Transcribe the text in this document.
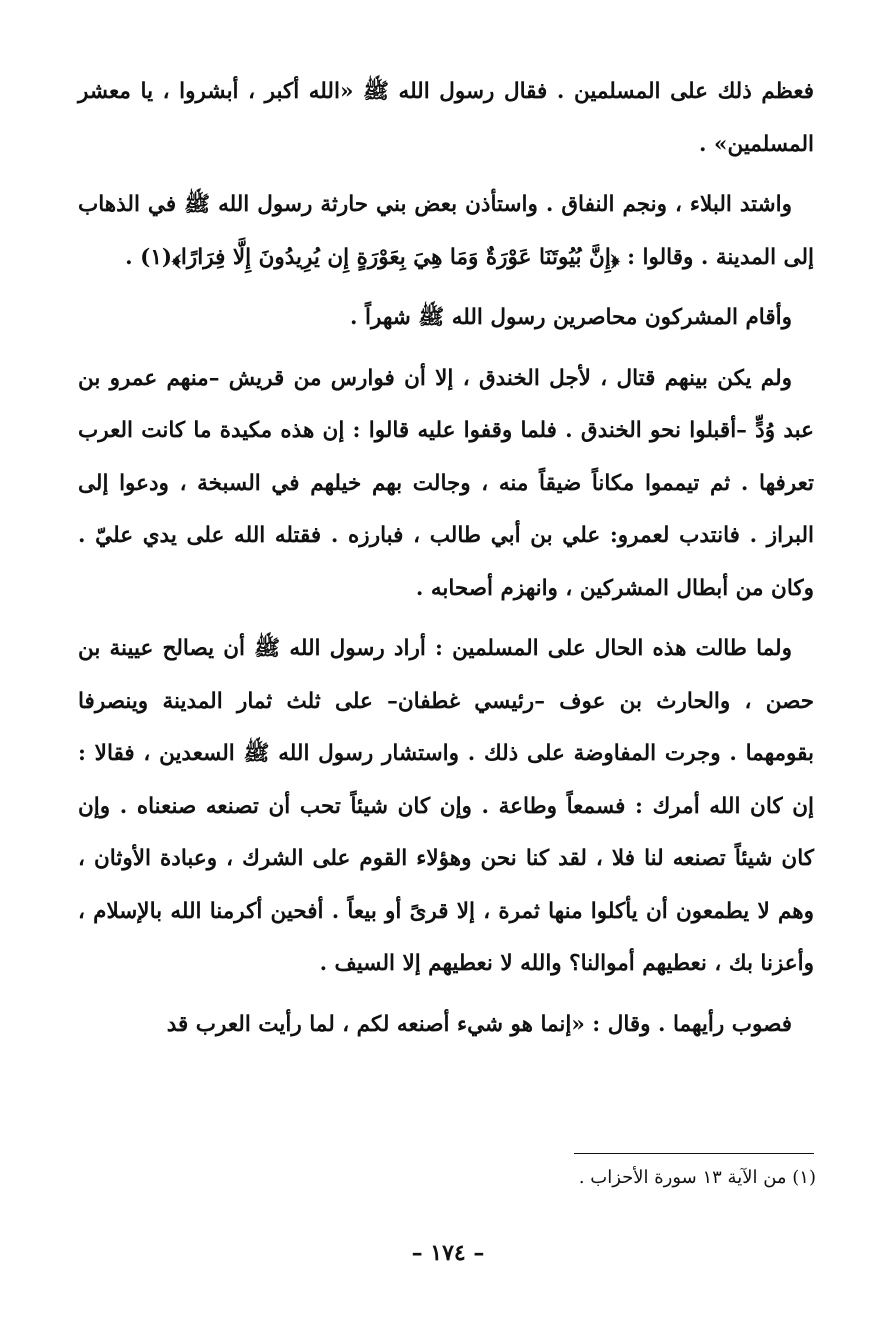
فعظم ذلك على المسلمين . فقال رسول الله ﷺ «الله أكبر ، أبشروا ، يا معشر المسلمين» .

واشتد البلاء ، ونجم النفاق . واستأذن بعض بني حارثة رسول الله ﷺ في الذهاب إلى المدينة . وقالوا : ﴿إِنَّ بُيُوتَنَا عَوْرَةٌ وَمَا هِيَ بِعَوْرَةٍ إِن يُرِيدُونَ إِلَّا فِرَارًا﴾(١) .

وأقام المشركون محاصرين رسول الله ﷺ شهراً .

ولم يكن بينهم قتال ، لأجل الخندق ، إلا أن فوارس من قريش –منهم عمرو بن عبد وُدٍّ –أقبلوا نحو الخندق . فلما وقفوا عليه قالوا : إن هذه مكيدة ما كانت العرب تعرفها . ثم تيمموا مكاناً ضيقاً منه ، وجالت بهم خيلهم في السبخة ، ودعوا إلى البراز . فانتدب لعمرو: علي بن أبي طالب ، فبارزه . فقتله الله على يدي عليّ . وكان من أبطال المشركين ، وانهزم أصحابه .

ولما طالت هذه الحال على المسلمين : أراد رسول الله ﷺ أن يصالح عيينة بن حصن ، والحارث بن عوف –رئيسي غطفان– على ثلث ثمار المدينة وينصرفا بقومهما . وجرت المفاوضة على ذلك . واستشار رسول الله ﷺ السعدين ، فقالا : إن كان الله أمرك : فسمعاً وطاعة . وإن كان شيئاً تحب أن تصنعه صنعناه . وإن كان شيئاً تصنعه لنا فلا ، لقد كنا نحن وهؤلاء القوم على الشرك ، وعبادة الأوثان ، وهم لا يطمعون أن يأكلوا منها ثمرة ، إلا قرىً أو بيعاً . أفحين أكرمنا الله بالإسلام ، وأعزنا بك ، نعطيهم أموالنا؟ والله لا نعطيهم إلا السيف .

فصوب رأيهما . وقال : «إنما هو شيء أصنعه لكم ، لما رأيت العرب قد

(١) من الآية ١٣ سورة الأحزاب .
– ١٧٤ –
